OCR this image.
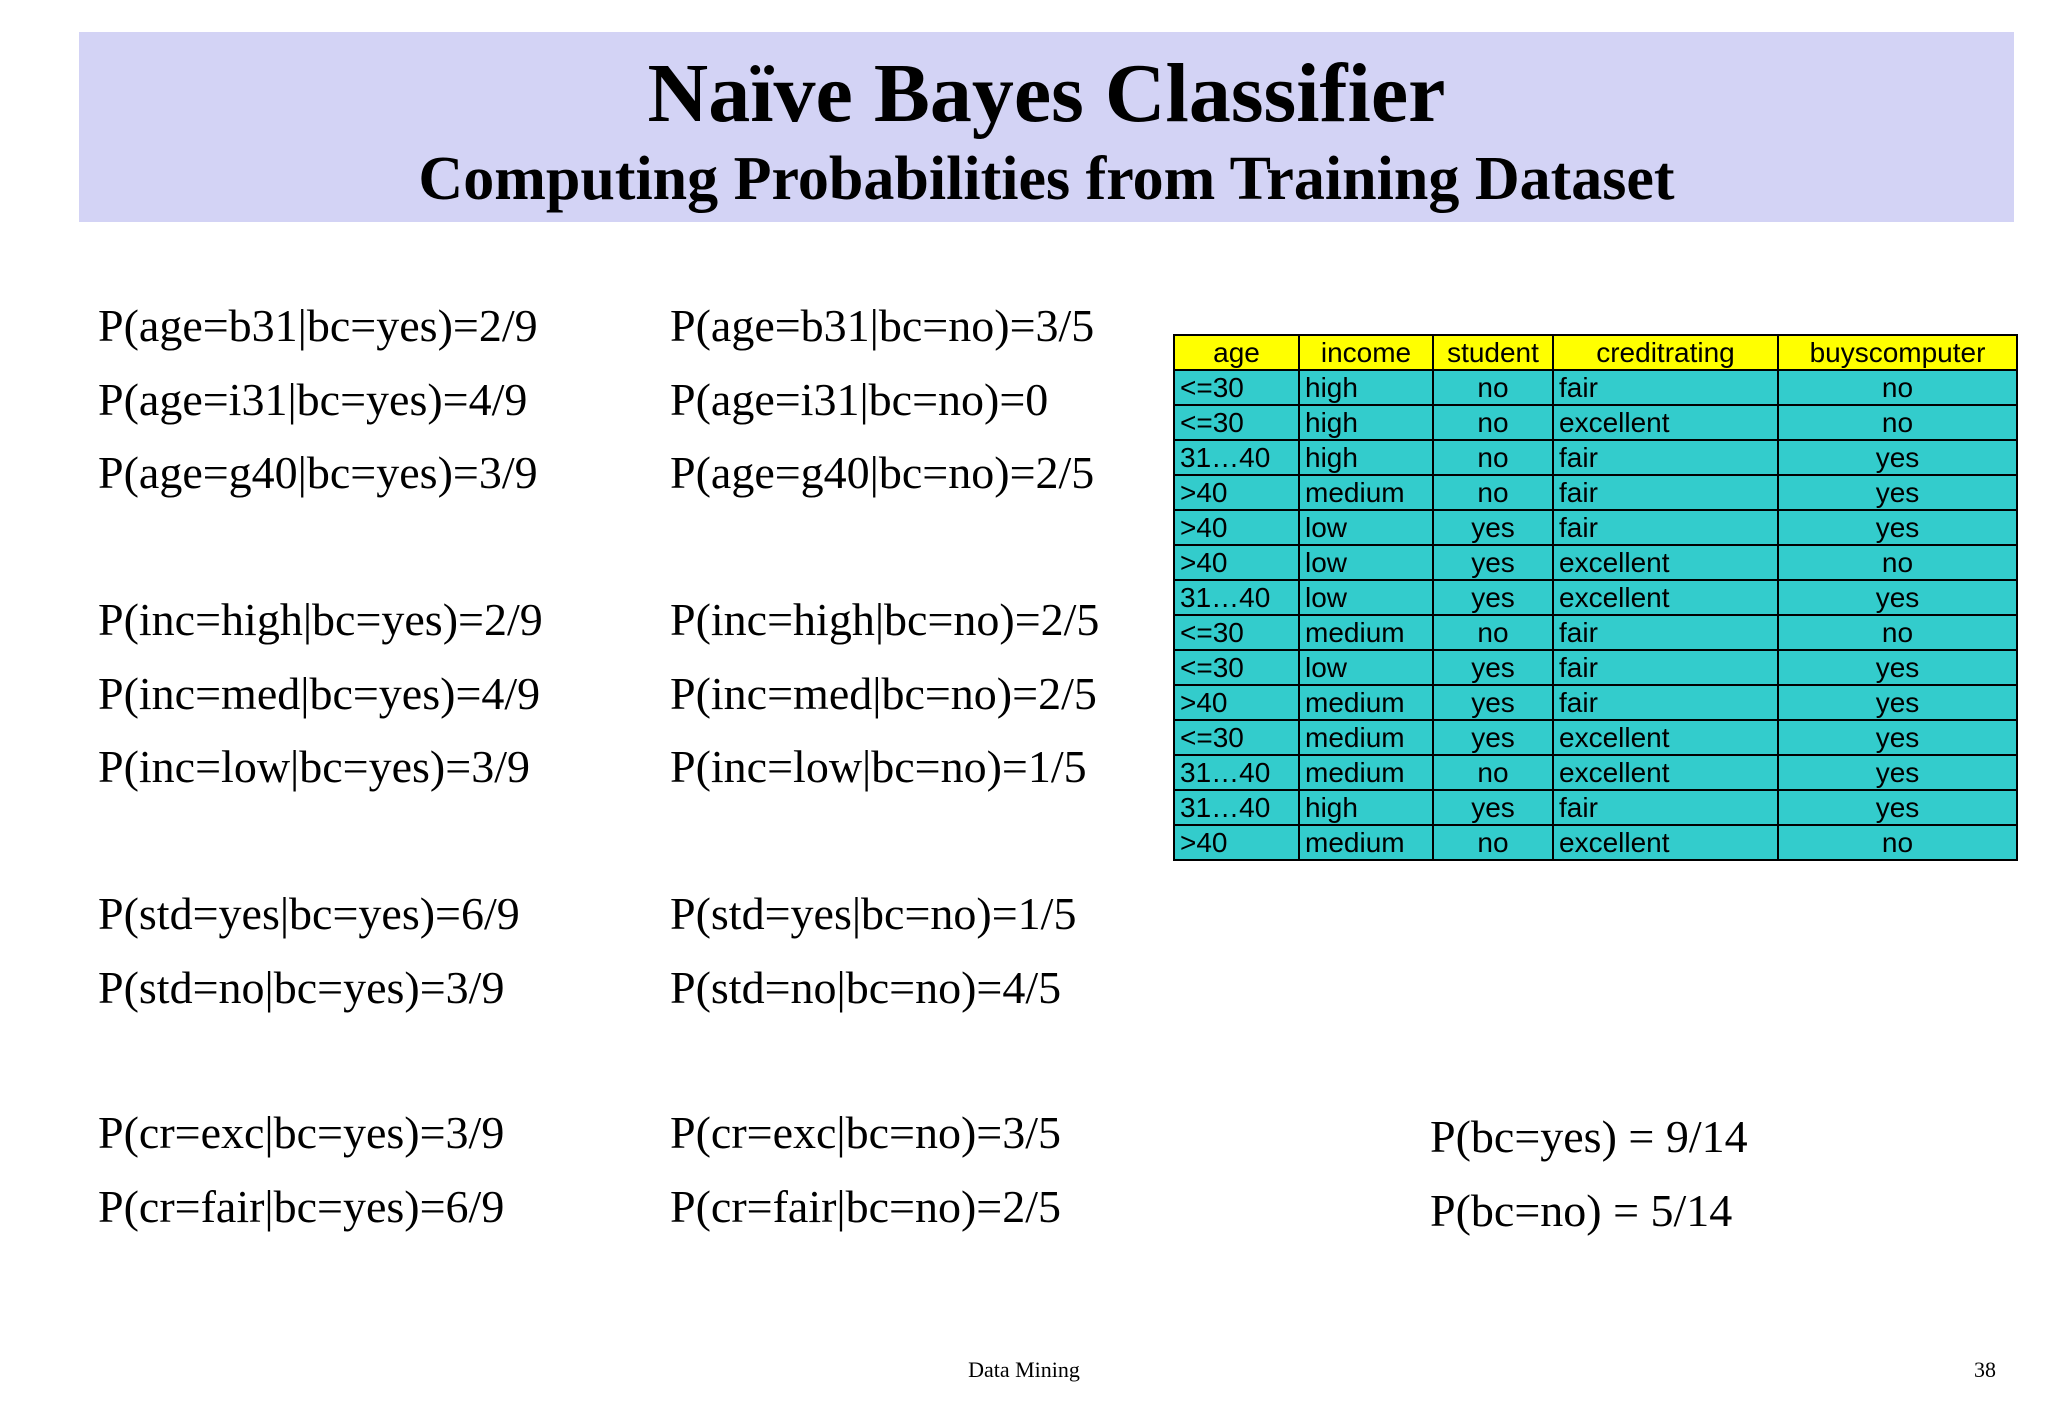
Naïve Bayes Classifier
Computing Probabilities from Training Dataset
P(age=b31|bc=yes)=2/9
P(age=i31|bc=yes)=4/9
P(age=g40|bc=yes)=3/9
P(inc=high|bc=yes)=2/9
P(inc=med|bc=yes)=4/9
P(inc=low|bc=yes)=3/9
P(std=yes|bc=yes)=6/9
P(std=no|bc=yes)=3/9
P(cr=exc|bc=yes)=3/9
P(cr=fair|bc=yes)=6/9
P(age=b31|bc=no)=3/5
P(age=i31|bc=no)=0
P(age=g40|bc=no)=2/5
P(inc=high|bc=no)=2/5
P(inc=med|bc=no)=2/5
P(inc=low|bc=no)=1/5
P(std=yes|bc=no)=1/5
P(std=no|bc=no)=4/5
P(cr=exc|bc=no)=3/5
P(cr=fair|bc=no)=2/5
age	income	student	creditrating	buyscomputer
<=30	high	no	fair	no
<=30	high	no	excellent	no
31…40	high	no	fair	yes
>40	medium	no	fair	yes
>40	low	yes	fair	yes
>40	low	yes	excellent	no
31…40	low	yes	excellent	yes
<=30	medium	no	fair	no
<=30	low	yes	fair	yes
>40	medium	yes	fair	yes
<=30	medium	yes	excellent	yes
31…40	medium	no	excellent	yes
31…40	high	yes	fair	yes
>40	medium	no	excellent	no
P(bc=yes) = 9/14
P(bc=no) = 5/14
Data Mining	38
